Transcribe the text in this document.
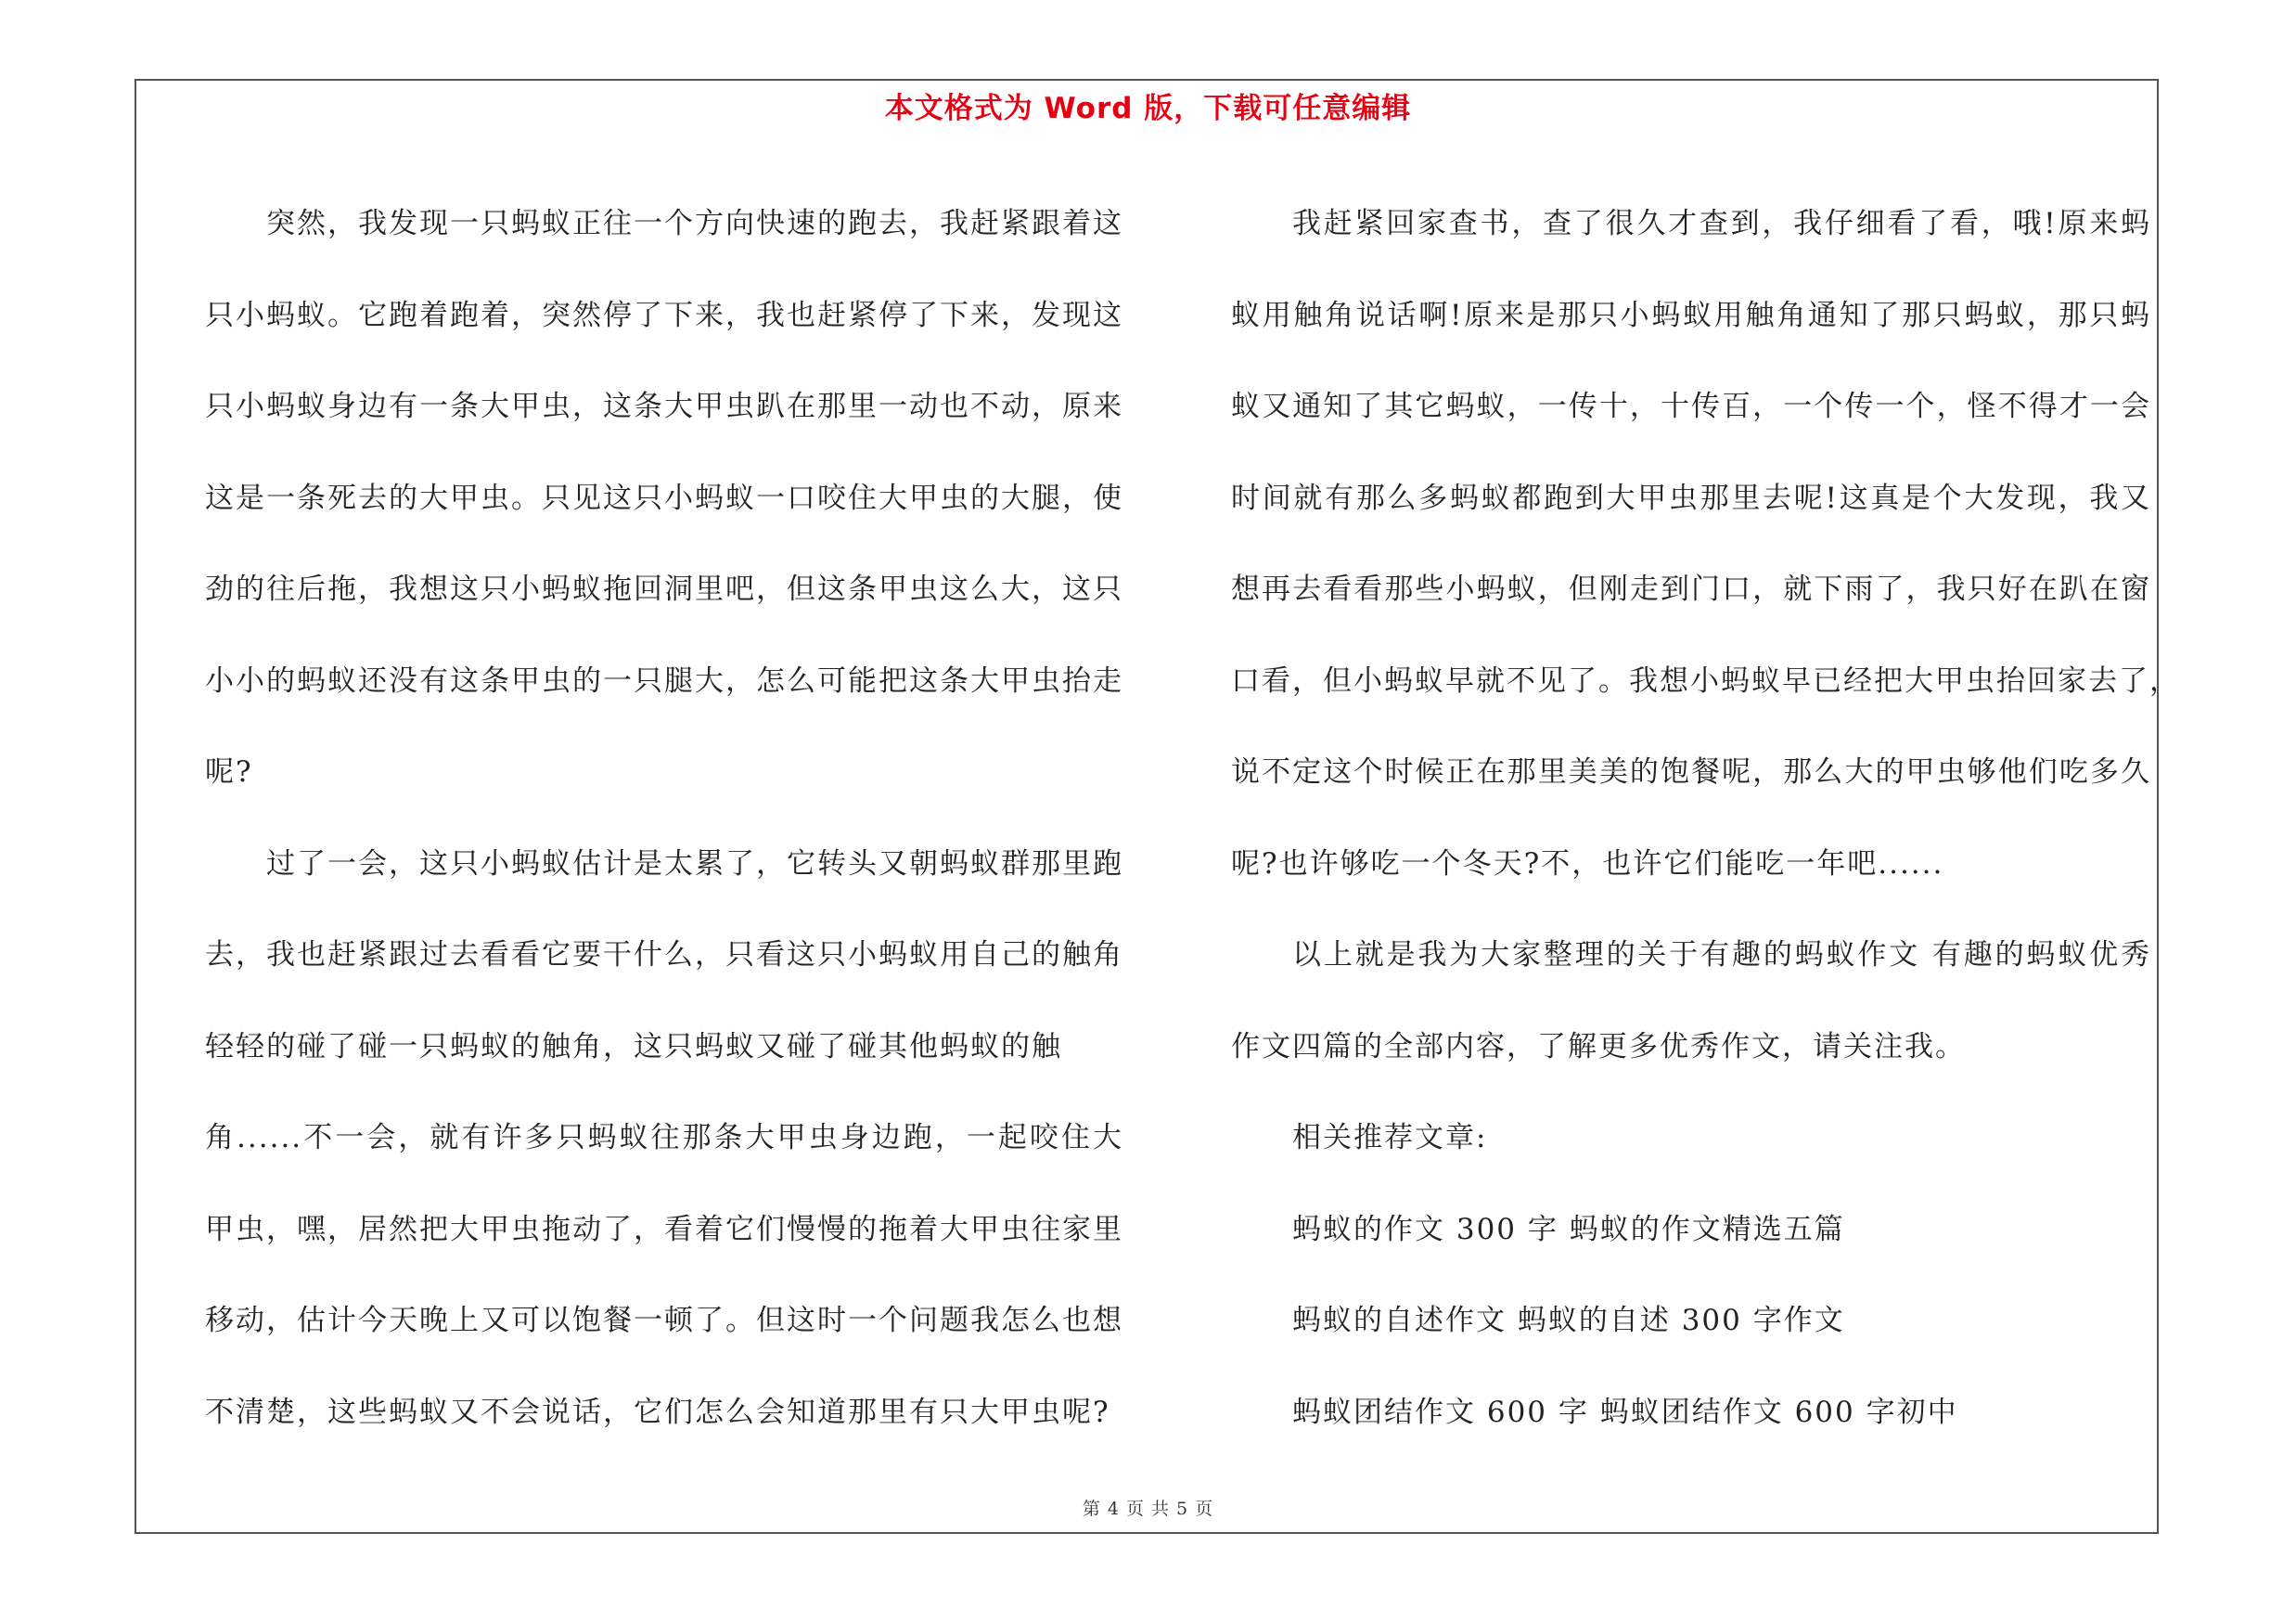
本文格式为 Word 版，下载可任意编辑
突然，我发现一只蚂蚁正往一个方向快速的跑去，我赶紧跟着这
只小蚂蚁。它跑着跑着，突然停了下来，我也赶紧停了下来，发现这
只小蚂蚁身边有一条大甲虫，这条大甲虫趴在那里一动也不动，原来
这是一条死去的大甲虫。只见这只小蚂蚁一口咬住大甲虫的大腿，使
劲的往后拖，我想这只小蚂蚁拖回洞里吧，但这条甲虫这么大，这只
小小的蚂蚁还没有这条甲虫的一只腿大，怎么可能把这条大甲虫抬走
呢?
过了一会，这只小蚂蚁估计是太累了，它转头又朝蚂蚁群那里跑
去，我也赶紧跟过去看看它要干什么，只看这只小蚂蚁用自己的触角
轻轻的碰了碰一只蚂蚁的触角，这只蚂蚁又碰了碰其他蚂蚁的触
角......不一会，就有许多只蚂蚁往那条大甲虫身边跑，一起咬住大
甲虫，嘿，居然把大甲虫拖动了，看着它们慢慢的拖着大甲虫往家里
移动，估计今天晚上又可以饱餐一顿了。但这时一个问题我怎么也想
不清楚，这些蚂蚁又不会说话，它们怎么会知道那里有只大甲虫呢?
我赶紧回家查书，查了很久才查到，我仔细看了看，哦!原来蚂
蚁用触角说话啊!原来是那只小蚂蚁用触角通知了那只蚂蚁，那只蚂
蚁又通知了其它蚂蚁，一传十，十传百，一个传一个，怪不得才一会
时间就有那么多蚂蚁都跑到大甲虫那里去呢!这真是个大发现，我又
想再去看看那些小蚂蚁，但刚走到门口，就下雨了，我只好在趴在窗
口看，但小蚂蚁早就不见了。我想小蚂蚁早已经把大甲虫抬回家去了，
说不定这个时候正在那里美美的饱餐呢，那么大的甲虫够他们吃多久
呢?也许够吃一个冬天?不，也许它们能吃一年吧......
以上就是我为大家整理的关于有趣的蚂蚁作文 有趣的蚂蚁优秀
作文四篇的全部内容，了解更多优秀作文，请关注我。
相关推荐文章:
蚂蚁的作文 300 字 蚂蚁的作文精选五篇
蚂蚁的自述作文 蚂蚁的自述 300 字作文
蚂蚁团结作文 600 字 蚂蚁团结作文 600 字初中
第 4 页 共 5 页
